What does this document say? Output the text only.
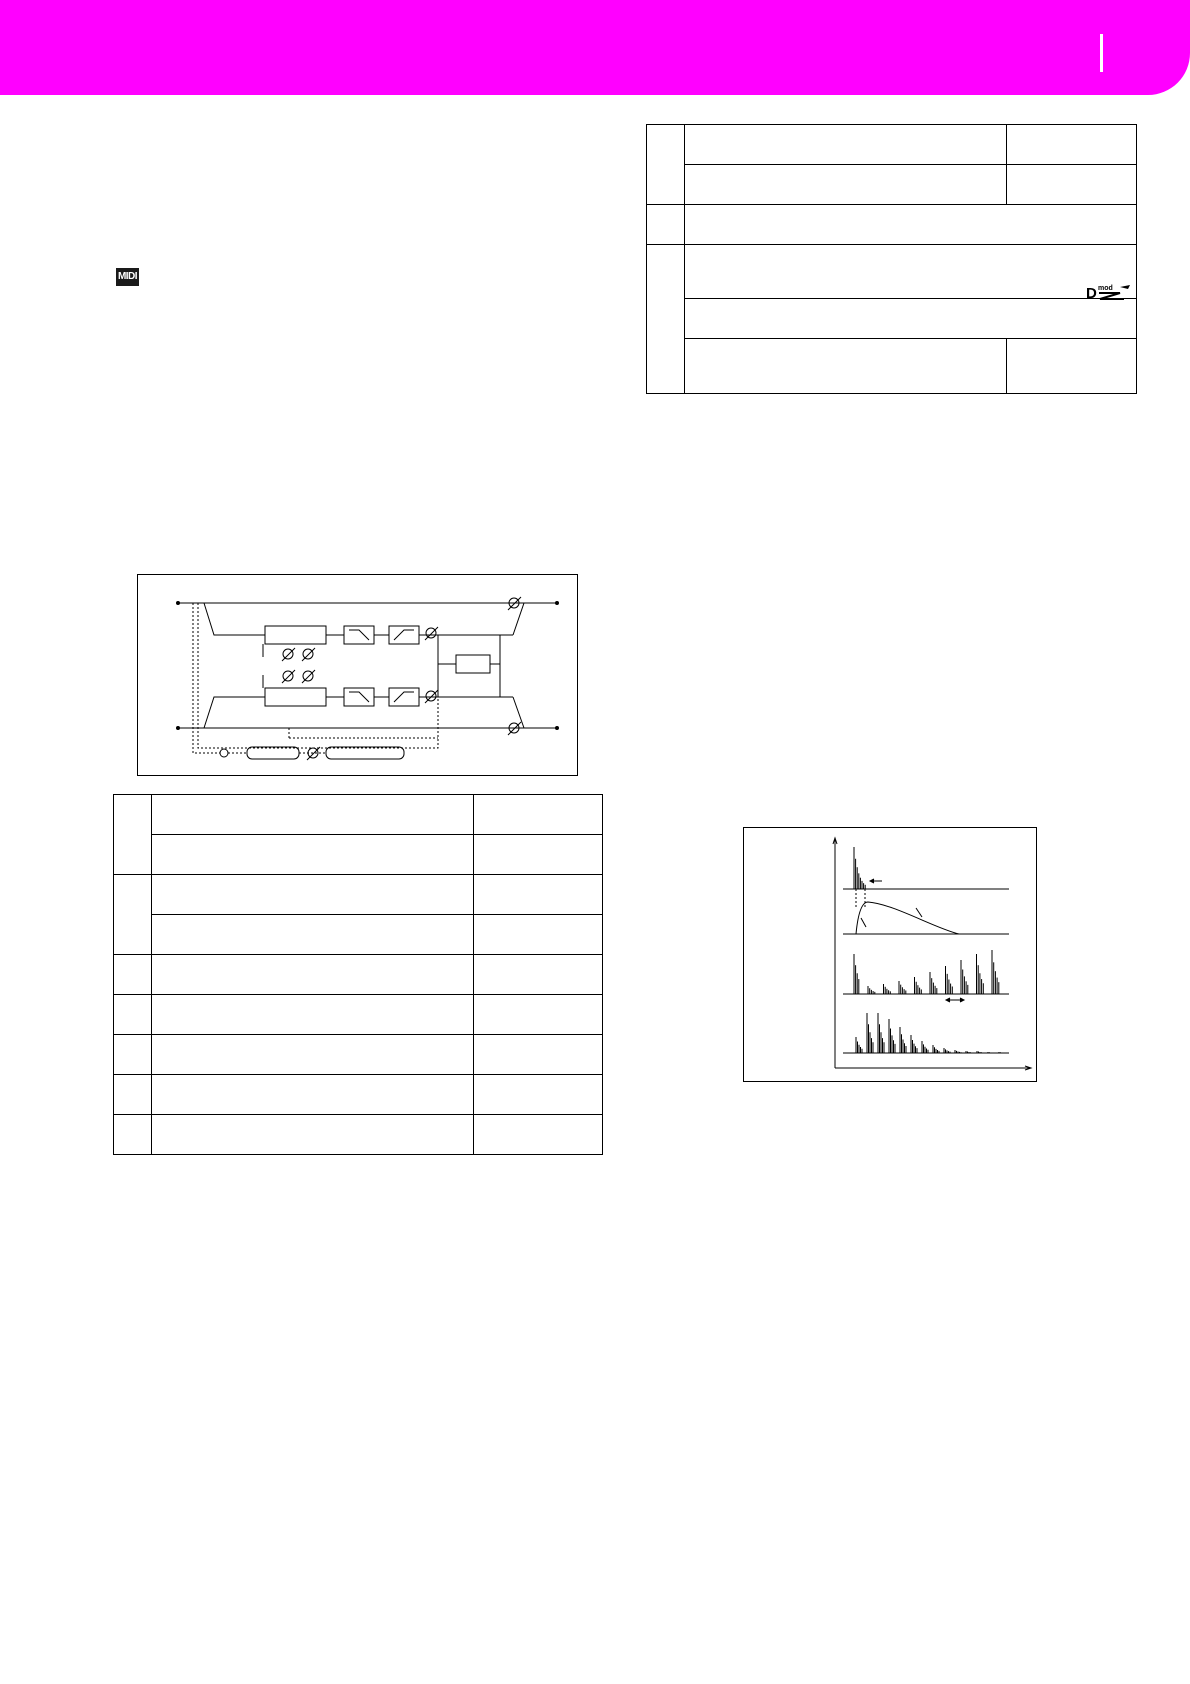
MIDI

D mod
